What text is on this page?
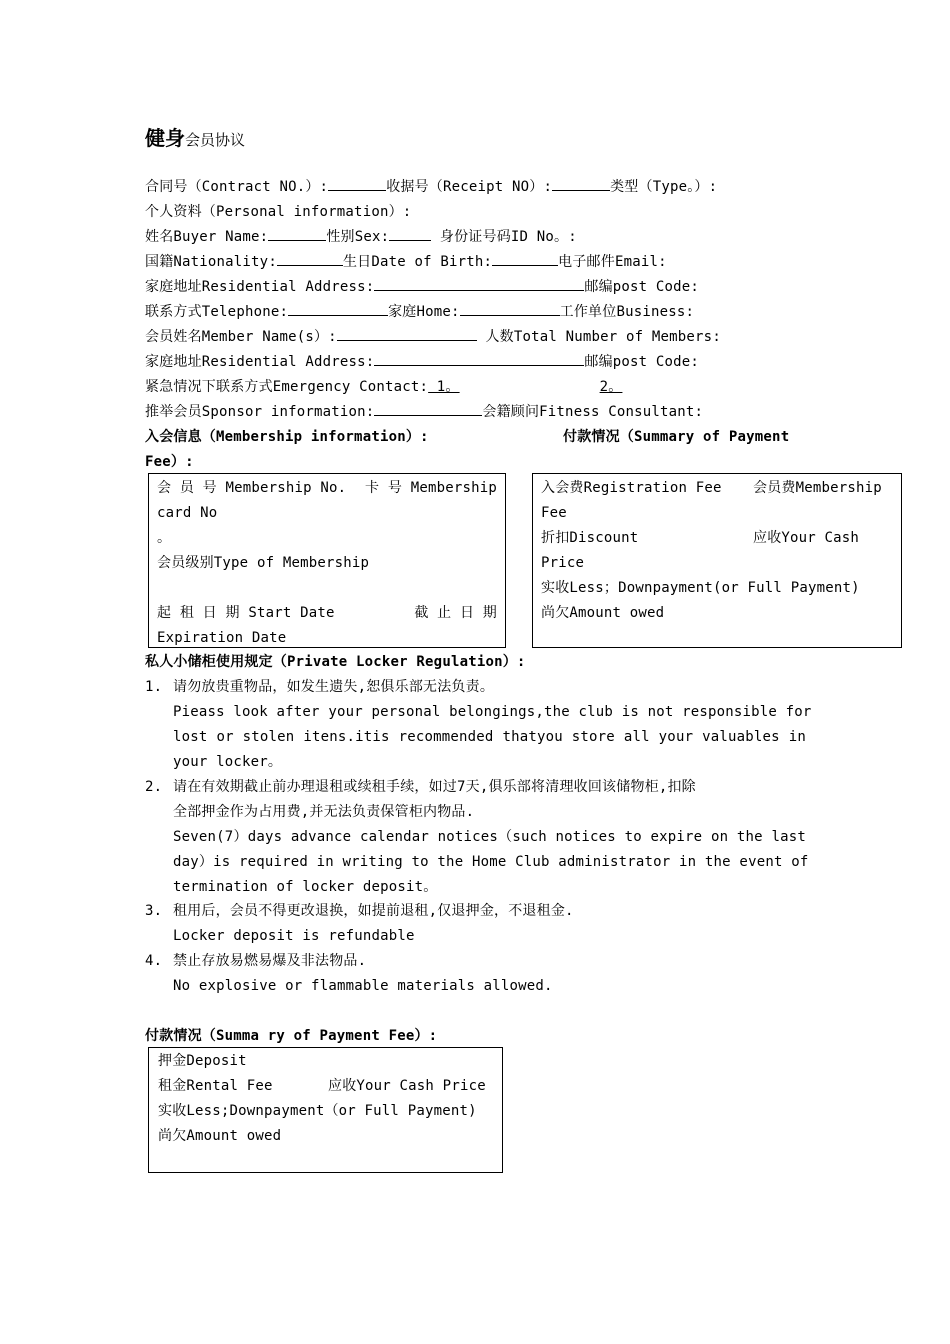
健身会员协议
合同号（Contract NO.）:	收据号（Receipt NO）:	类型（Type。）:
个人资料（Personal information）:
姓名Buyer Name:	性别Sex:	身份证号码ID No。:
国籍Nationality:	生日Date of Birth:	电子邮件Email:
家庭地址Residential Address:	邮编post Code:
联系方式Telephone:	家庭Home:	工作单位Business:
会员姓名Member Name(s）:	人数Total Number of Members:
家庭地址Residential Address:	邮编post Code:
紧急情况下联系方式Emergency Contact: 1。	2。
推举会员Sponsor information:	会籍顾问Fitness Consultant:
入会信息（Membership information）:	付款情况（Summary of Payment
Fee）:
会 员 号 Membership No. 卡 号 Membership
card No
。
会员级别Type of Membership
起 租 日 期 Start Date	截 止 日 期
Expiration Date
入会费Registration Fee 会员费Membership
Fee
折扣Discount	应收Your Cash
Price
实收Less；Downpayment(or Full Payment)
尚欠Amount owed
私人小储柜使用规定（Private Locker Regulation）:
1. 请勿放贵重物品，如发生遗失,恕俱乐部无法负责。
Pieass look after your personal belongings,the club is not responsible for
lost or stolen itens.itis recommended thatyou store all your valuables in
your locker。
2. 请在有效期截止前办理退租或续租手续，如过7天,俱乐部将清理收回该储物柜,扣除
全部押金作为占用费,并无法负责保管柜内物品.
Seven(7）days advance calendar notices（such notices to expire on the last
day）is required in writing to the Home Club administrator in the event of
termination of locker deposit。
3. 租用后，会员不得更改退换，如提前退租,仅退押金，不退租金.
Locker deposit is refundable
4. 禁止存放易燃易爆及非法物品.
No explosive or flammable materials allowed.
付款情况（Summa ry of Payment Fee）:
押金Deposit
租金Rental Fee	应收Your Cash Price
实收Less;Downpayment（or Full Payment)
尚欠Amount owed
